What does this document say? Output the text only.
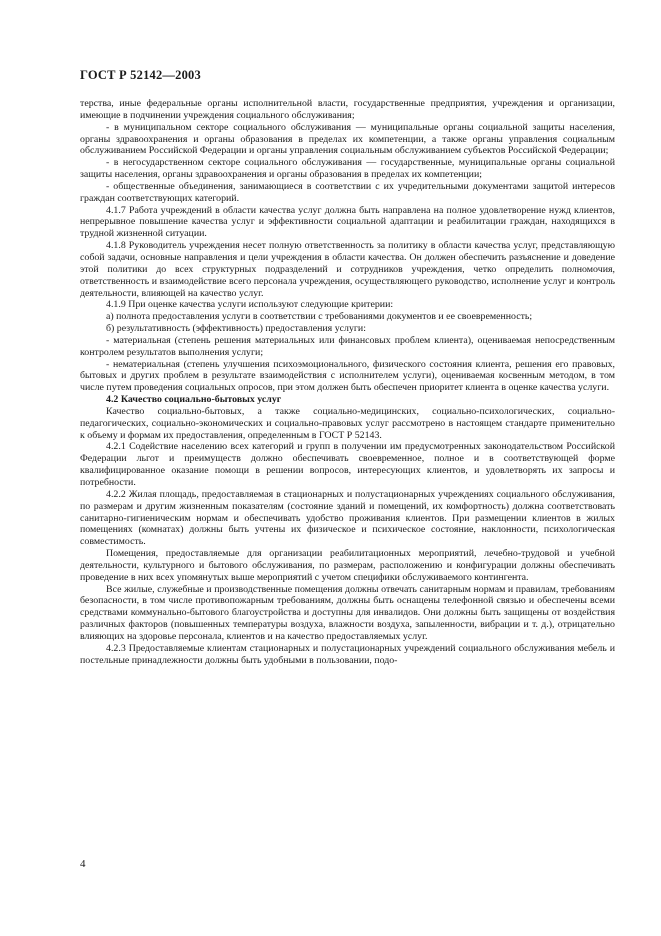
ГОСТ Р 52142—2003

терства, иные федеральные органы исполнительной власти, государственные предприятия, учреждения и организации, имеющие в подчинении учреждения социального обслуживания;

- в муниципальном секторе социального обслуживания — муниципальные органы социальной защиты населения, органы здравоохранения и органы образования в пределах их компетенции, а также органы управления социальным обслуживанием Российской Федерации и органы управления социальным обслуживанием субъектов Российской Федерации;

- в негосударственном секторе социального обслуживания — государственные, муниципальные органы социальной защиты населения, органы здравоохранения и органы образования в пределах их компетенции;

- общественные объединения, занимающиеся в соответствии с их учредительными документами защитой интересов граждан соответствующих категорий.

4.1.7 Работа учреждений в области качества услуг должна быть направлена на полное удовлетворение нужд клиентов, непрерывное повышение качества услуг и эффективности социальной адаптации и реабилитации граждан, находящихся в трудной жизненной ситуации.

4.1.8 Руководитель учреждения несет полную ответственность за политику в области качества услуг, представляющую собой задачи, основные направления и цели учреждения в области качества. Он должен обеспечить разъяснение и доведение этой политики до всех структурных подразделений и сотрудников учреждения, четко определить полномочия, ответственность и взаимодействие всего персонала учреждения, осуществляющего руководство, исполнение услуг и контроль деятельности, влияющей на качество услуг.

4.1.9 При оценке качества услуги используют следующие критерии:

а) полнота предоставления услуги в соответствии с требованиями документов и ее своевременность;

б) результативность (эффективность) предоставления услуги:

- материальная (степень решения материальных или финансовых проблем клиента), оцениваемая непосредственным контролем результатов выполнения услуги;

- нематериальная (степень улучшения психоэмоционального, физического состояния клиента, решения его правовых, бытовых и других проблем в результате взаимодействия с исполнителем услуги), оцениваемая косвенным методом, в том числе путем проведения социальных опросов, при этом должен быть обеспечен приоритет клиента в оценке качества услуги.

4.2 Качество социально-бытовых услуг

Качество социально-бытовых, а также социально-медицинских, социально-психологических, социально-педагогических, социально-экономических и социально-правовых услуг рассмотрено в настоящем стандарте применительно к объему и формам их предоставления, определенным в ГОСТ Р 52143.

4.2.1 Содействие населению всех категорий и групп в получении им предусмотренных законодательством Российской Федерации льгот и преимуществ должно обеспечивать своевременное, полное и в соответствующей форме квалифицированное оказание помощи в решении вопросов, интересующих клиентов, и удовлетворять их запросы и потребности.

4.2.2 Жилая площадь, предоставляемая в стационарных и полустационарных учреждениях социального обслуживания, по размерам и другим жизненным показателям (состояние зданий и помещений, их комфортность) должна соответствовать санитарно-гигиеническим нормам и обеспечивать удобство проживания клиентов. При размещении клиентов в жилых помещениях (комнатах) должны быть учтены их физическое и психическое состояние, наклонности, психологическая совместимость.

Помещения, предоставляемые для организации реабилитационных мероприятий, лечебно-трудовой и учебной деятельности, культурного и бытового обслуживания, по размерам, расположению и конфигурации должны обеспечивать проведение в них всех упомянутых выше мероприятий с учетом специфики обслуживаемого контингента.

Все жилые, служебные и производственные помещения должны отвечать санитарным нормам и правилам, требованиям безопасности, в том числе противопожарным требованиям, должны быть оснащены телефонной связью и обеспечены всеми средствами коммунально-бытового благоустройства и доступны для инвалидов. Они должны быть защищены от воздействия различных факторов (повышенных температуры воздуха, влажности воздуха, запыленности, вибрации и т. д.), отрицательно влияющих на здоровье персонала, клиентов и на качество предоставляемых услуг.

4.2.3 Предоставляемые клиентам стационарных и полустационарных учреждений социального обслуживания мебель и постельные принадлежности должны быть удобными в пользовании, подо-

4
